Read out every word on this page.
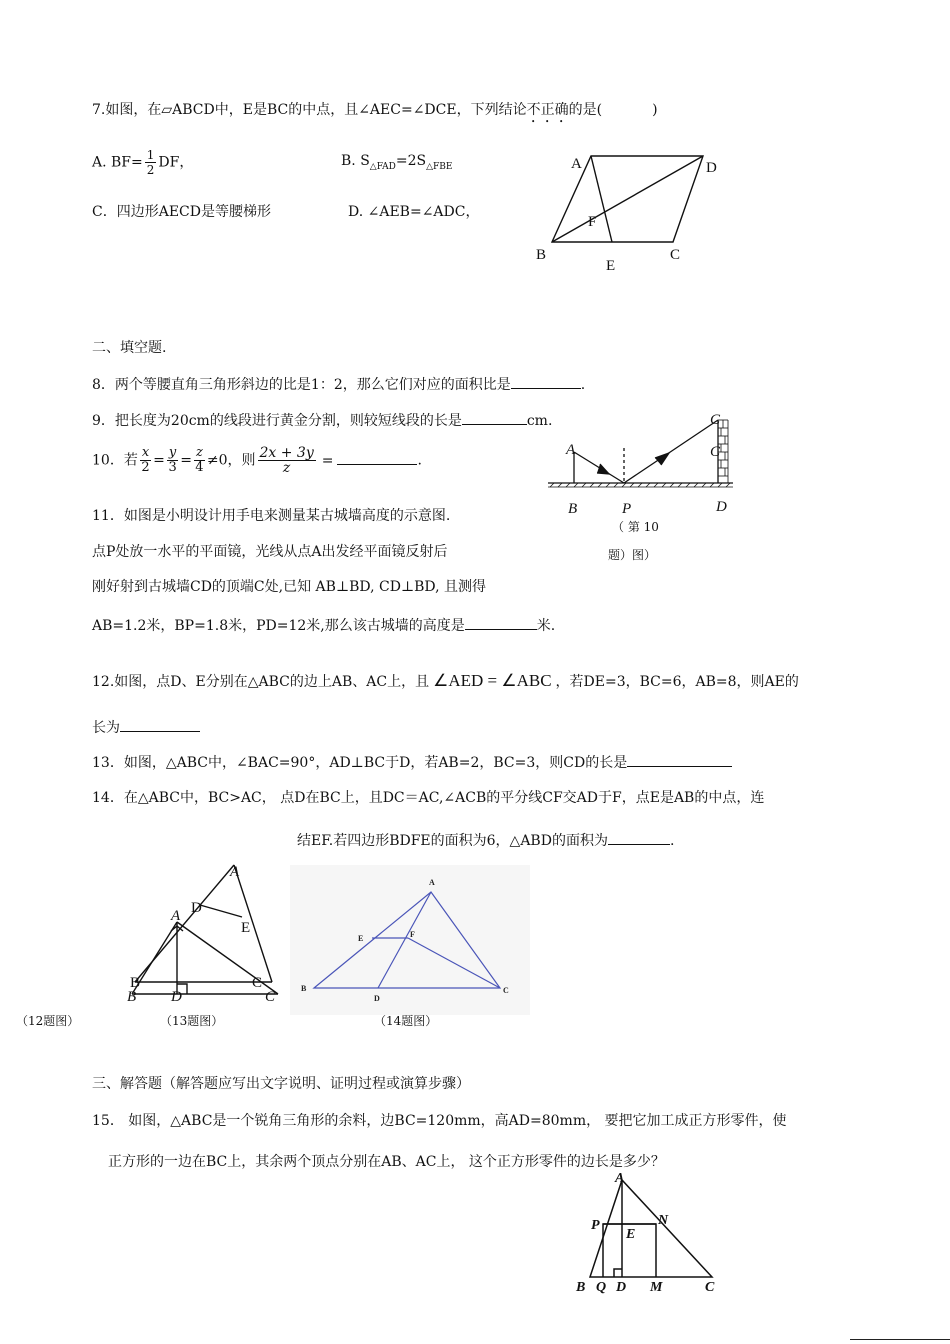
7.如图，在▱ABCD中，E是BC的中点，且∠AEC=∠DCE，下列结论不正确的是(	)
A. $BF= \frac{1}{2}$ DF，	B. $S_{\triangle FAD}=2S_{\triangle FBE}$
C．四边形AECD是等腰梯形	D. ∠AEB=∠ADC，
A	D
F
B	C
E
二、填空题.
8．两个等腰直角三角形斜边的比是1：2，那么它们对应的面积比是	.
9．把长度为20cm的线段进行黄金分割，则较短线段的长是	cm.
10．若 $\frac{x}{2} = \frac{y}{3} = \frac{z}{4} \ne 0$，则 $\frac{2x + 3y}{z}$ =	.
C
A	C
B	P	D
（ 第 10
题）图）
11．如图是小明设计用手电来测量某古城墙高度的示意图.
点P处放一水平的平面镜，光线从点A出发经平面镜反射后
刚好射到古城墙CD的顶端C处,已知 AB⊥BD, CD⊥BD, 且测得
AB=1.2米，BP=1.8米，PD=12米,那么该古城墙的高度是	米.
12.如图，点D、E分别在△ABC的边上AB、AC上，且 ∠AED = ∠ABC ，若DE=3，BC=6，AB=8，则AE的
长为
13．如图，△ABC中，∠BAC=90°，AD⊥BC于D，若AB=2，BC=3，则CD的长是
14．在△ABC中，BC>AC， 点D在BC上，且DC＝AC,∠ACB的平分线CF交AD于F，点E是AB的中点，连
结EF.若四边形BDFE的面积为6，△ABD的面积为	.
A
D
E
A
B	C
B D	C
（12题图）	（13题图）
A
E	F
B
D
C
（14题图）
三、解答题（解答题应写出文字说明、证明过程或演算步骤）
15． 如图，△ABC是一个锐角三角形的余料，边BC=120mm，高AD=80mm， 要把它加工成正方形零件，使
正方形的一边在BC上，其余两个顶点分别在AB、AC上， 这个正方形零件的边长是多少？
A
P	N
E
B Q D M	C
